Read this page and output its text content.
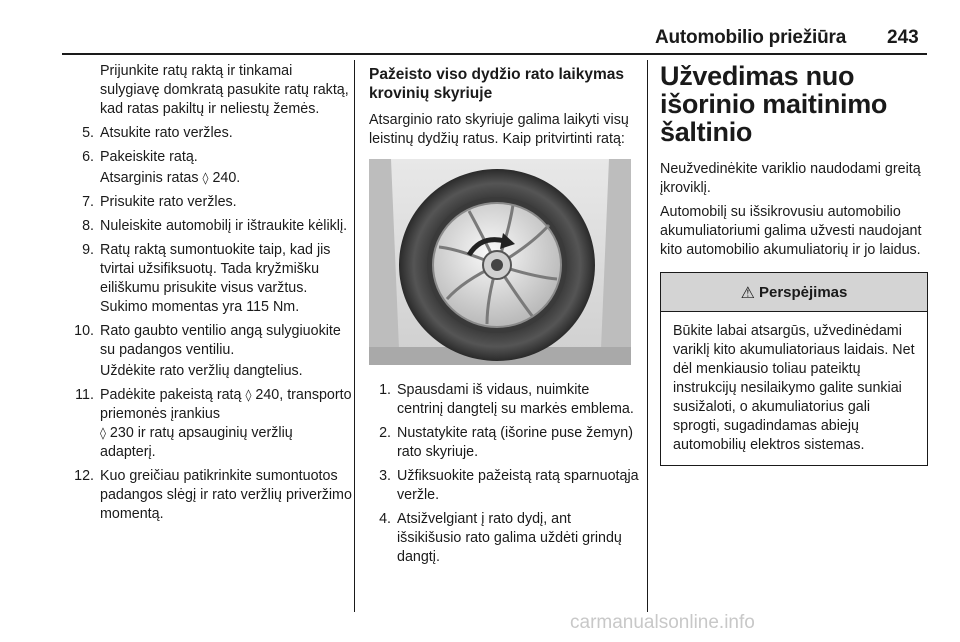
Automobilio priežiūra 243

Prijunkite ratų raktą ir tinkamai sulygiavę domkratą pasukite ratų raktą, kad ratas pakiltų ir neliestų žemės.

5. Atsukite rato veržles.
6. Pakeiskite ratą.

Atsarginis ratas ◊ 240.

7. Prisukite rato veržles.
8. Nuleiskite automobilį ir ištraukite kėliklį.
9. Ratų raktą sumontuokite taip, kad jis tvirtai užsifiksuotų. Tada kryžmišku eiliškumu prisukite visus varžtus. Sukimo momentas yra 115 Nm.
10. Rato gaubto ventilio angą sulygiuokite su padangos ventiliu.

Uždėkite rato veržlių dangtelius.

11. Padėkite pakeistą ratą ◊ 240, transporto priemonės įrankius
◊ 230 ir ratų apsauginių veržlių adapterį.
12. Kuo greičiau patikrinkite sumontuotos padangos slėgį ir rato veržlių priveržimo momentą.
Pažeisto viso dydžio rato laikymas krovinių skyriuje

Atsarginio rato skyriuje galima laikyti visų leistinų dydžių ratus. Kaip pritvirtinti ratą:

1. Spausdami iš vidaus, nuimkite centrinį dangtelį su markės emblema.
2. Nustatykite ratą (išorine puse žemyn) rato skyriuje.
3. Užfiksuokite pažeistą ratą sparnuotąja veržle.
4. Atsižvelgiant į rato dydį, ant išsikišusio rato galima uždėti grindų dangtį.
Užvedimas nuo išorinio maitinimo šaltinio

Neužvedinėkite variklio naudodami greitą įkroviklį.

Automobilį su išsikrovusiu automobilio akumuliatoriumi galima užvesti naudojant kito automobilio akumuliatorių ir jo laidus.

⚠ Perspėjimas
Būkite labai atsargūs, užvedinėdami variklį kito akumuliatoriaus laidais. Net dėl menkiausio toliau pateiktų instrukcijų nesilaikymo galite sunkiai susižaloti, o akumuliatorius gali sprogti, sugadindamas abiejų automobilių elektros sistemas.
carmanualsonline.info
